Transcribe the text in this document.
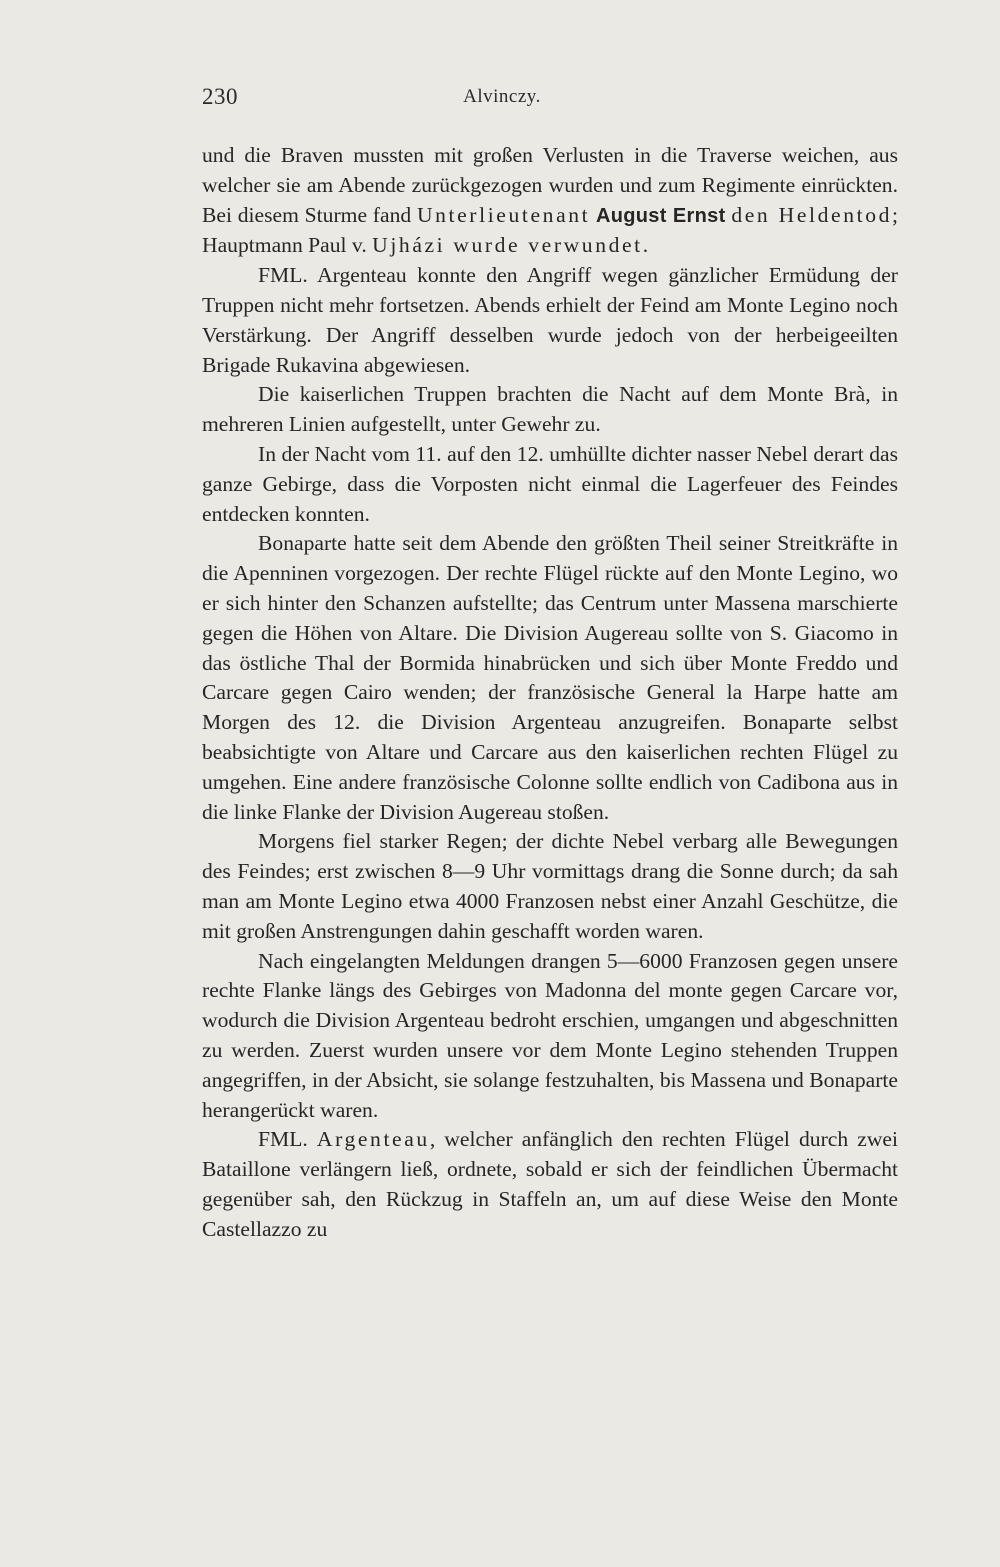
230	Alvinczy.

und die Braven mussten mit großen Verlusten in die Traverse weichen, aus welcher sie am Abende zurückgezogen wurden und zum Regimente einrückten. Bei diesem Sturme fand Unterlieutenant August Ernst den Heldentod; Hauptmann Paul v. Ujházi wurde verwundet.

FML. Argenteau konnte den Angriff wegen gänzlicher Ermüdung der Truppen nicht mehr fortsetzen. Abends erhielt der Feind am Monte Legino noch Verstärkung. Der Angriff desselben wurde jedoch von der herbeigeeilten Brigade Rukavina abgewiesen.

Die kaiserlichen Truppen brachten die Nacht auf dem Monte Brà, in mehreren Linien aufgestellt, unter Gewehr zu.

In der Nacht vom 11. auf den 12. umhüllte dichter nasser Nebel derart das ganze Gebirge, dass die Vorposten nicht einmal die Lagerfeuer des Feindes entdecken konnten.

Bonaparte hatte seit dem Abende den größten Theil seiner Streitkräfte in die Apenninen vorgezogen. Der rechte Flügel rückte auf den Monte Legino, wo er sich hinter den Schanzen aufstellte; das Centrum unter Massena marschierte gegen die Höhen von Altare. Die Division Augereau sollte von S. Giacomo in das östliche Thal der Bormida hinabrücken und sich über Monte Freddo und Carcare gegen Cairo wenden; der französische General la Harpe hatte am Morgen des 12. die Division Argenteau anzugreifen. Bonaparte selbst beabsichtigte von Altare und Carcare aus den kaiserlichen rechten Flügel zu umgehen. Eine andere französische Colonne sollte endlich von Cadibona aus in die linke Flanke der Division Augereau stoßen.

Morgens fiel starker Regen; der dichte Nebel verbarg alle Bewegungen des Feindes; erst zwischen 8—9 Uhr vormittags drang die Sonne durch; da sah man am Monte Legino etwa 4000 Franzosen nebst einer Anzahl Geschütze, die mit großen Anstrengungen dahin geschafft worden waren.

Nach eingelangten Meldungen drangen 5—6000 Franzosen gegen unsere rechte Flanke längs des Gebirges von Madonna del monte gegen Carcare vor, wodurch die Division Argenteau bedroht erschien, umgangen und abgeschnitten zu werden. Zuerst wurden unsere vor dem Monte Legino stehenden Truppen angegriffen, in der Absicht, sie solange festzuhalten, bis Massena und Bonaparte herangerückt waren.

FML. Argenteau, welcher anfänglich den rechten Flügel durch zwei Bataillone verlängern ließ, ordnete, sobald er sich der feindlichen Übermacht gegenüber sah, den Rückzug in Staffeln an, um auf diese Weise den Monte Castellazzo zu
